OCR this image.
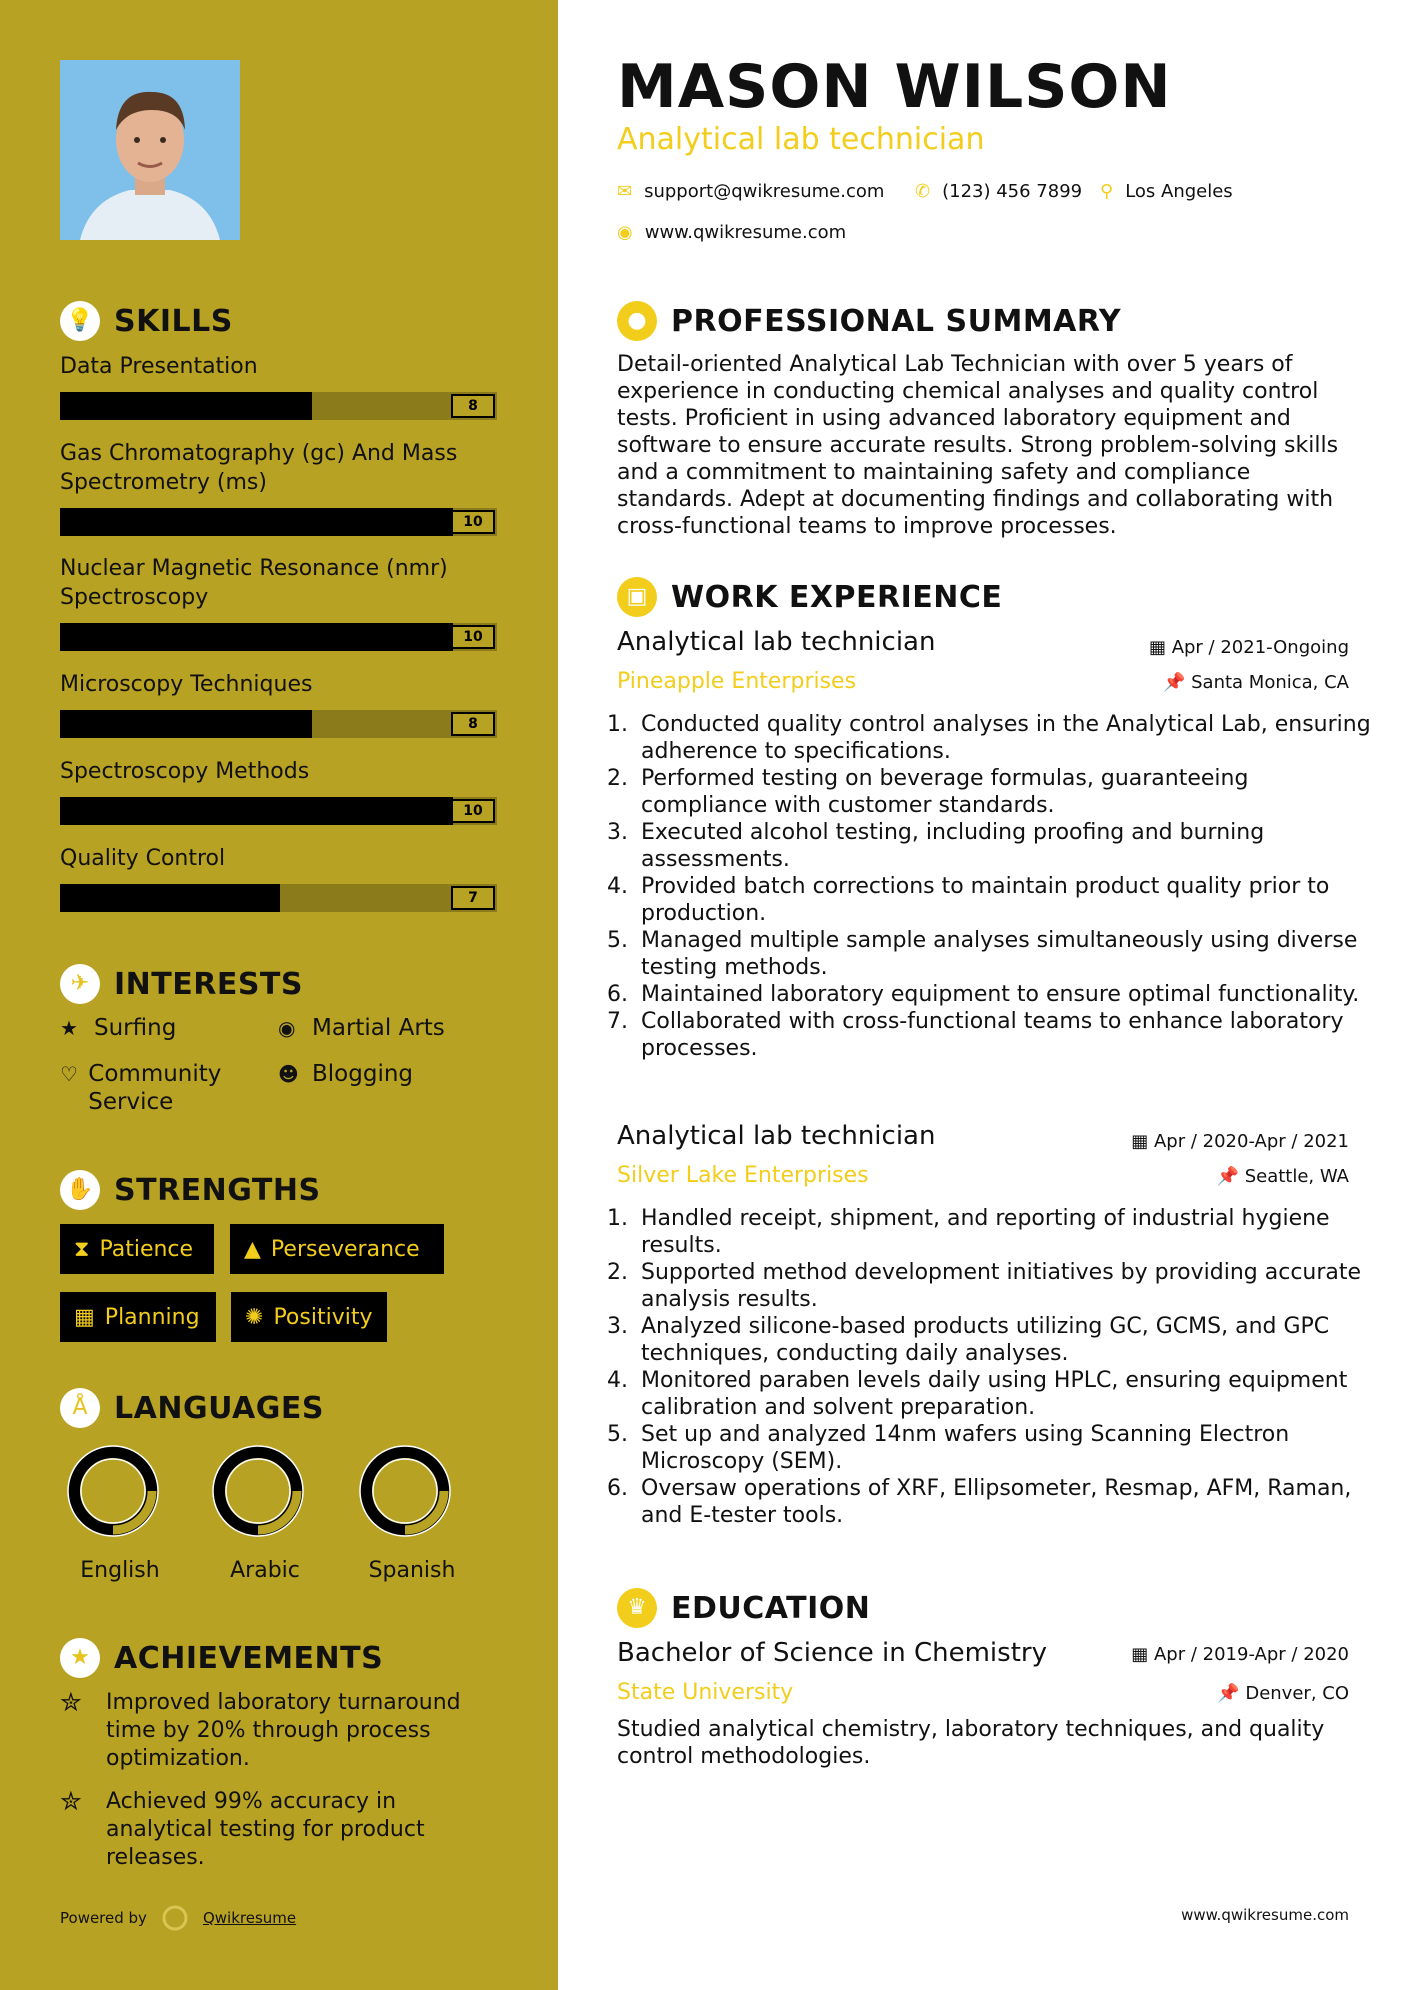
💡 SKILLS
Data Presentation
8
Gas Chromatography (gc) And Mass Spectrometry (ms)
10
Nuclear Magnetic Resonance (nmr) Spectroscopy
10
Microscopy Techniques
8
Spectroscopy Methods
10
Quality Control
7
✈ INTERESTS
★ Surfing	◉ Martial Arts
♡ Community Service
☻ Blogging
✋ STRENGTHS
⧗ Patience ▲ Perseverance
▦ Planning ✺ Positivity
Å LANGUAGES
English	Arabic	Spanish
★ ACHIEVEMENTS
✮	Improved laboratory turnaround time by 20% through process optimization.
✮	Achieved 99% accuracy in analytical testing for product releases.
Powered by	Qwikresume
MASON WILSON
Analytical lab technician
✉ support@qwikresume.com ✆ (123) 456 7899 ⚲ Los Angeles
◉ www.qwikresume.com
● PROFESSIONAL SUMMARY
Detail-oriented Analytical Lab Technician with over 5 years of experience in conducting chemical analyses and quality control tests. Proficient in using advanced laboratory equipment and software to ensure accurate results. Strong problem-solving skills and a commitment to maintaining safety and compliance standards. Adept at documenting findings and collaborating with cross-functional teams to improve processes.
▣ WORK EXPERIENCE
Analytical lab technician	▦ Apr / 2021-Ongoing
Pineapple Enterprises	📌 Santa Monica, CA
1. Conducted quality control analyses in the Analytical Lab, ensuring adherence to specifications.
2. Performed testing on beverage formulas, guaranteeing compliance with customer standards.
3. Executed alcohol testing, including proofing and burning assessments.
4. Provided batch corrections to maintain product quality prior to production.
5. Managed multiple sample analyses simultaneously using diverse testing methods.
6. Maintained laboratory equipment to ensure optimal functionality.
7. Collaborated with cross-functional teams to enhance laboratory processes.
Analytical lab technician	▦ Apr / 2020-Apr / 2021
Silver Lake Enterprises	📌 Seattle, WA
1. Handled receipt, shipment, and reporting of industrial hygiene results.
2. Supported method development initiatives by providing accurate analysis results.
3. Analyzed silicone-based products utilizing GC, GCMS, and GPC techniques, conducting daily analyses.
4. Monitored paraben levels daily using HPLC, ensuring equipment calibration and solvent preparation.
5. Set up and analyzed 14nm wafers using Scanning Electron Microscopy (SEM).
6. Oversaw operations of XRF, Ellipsometer, Resmap, AFM, Raman, and E-tester tools.
♛ EDUCATION
Bachelor of Science in Chemistry	▦ Apr / 2019-Apr / 2020
State University	📌 Denver, CO
Studied analytical chemistry, laboratory techniques, and quality control methodologies.
www.qwikresume.com
